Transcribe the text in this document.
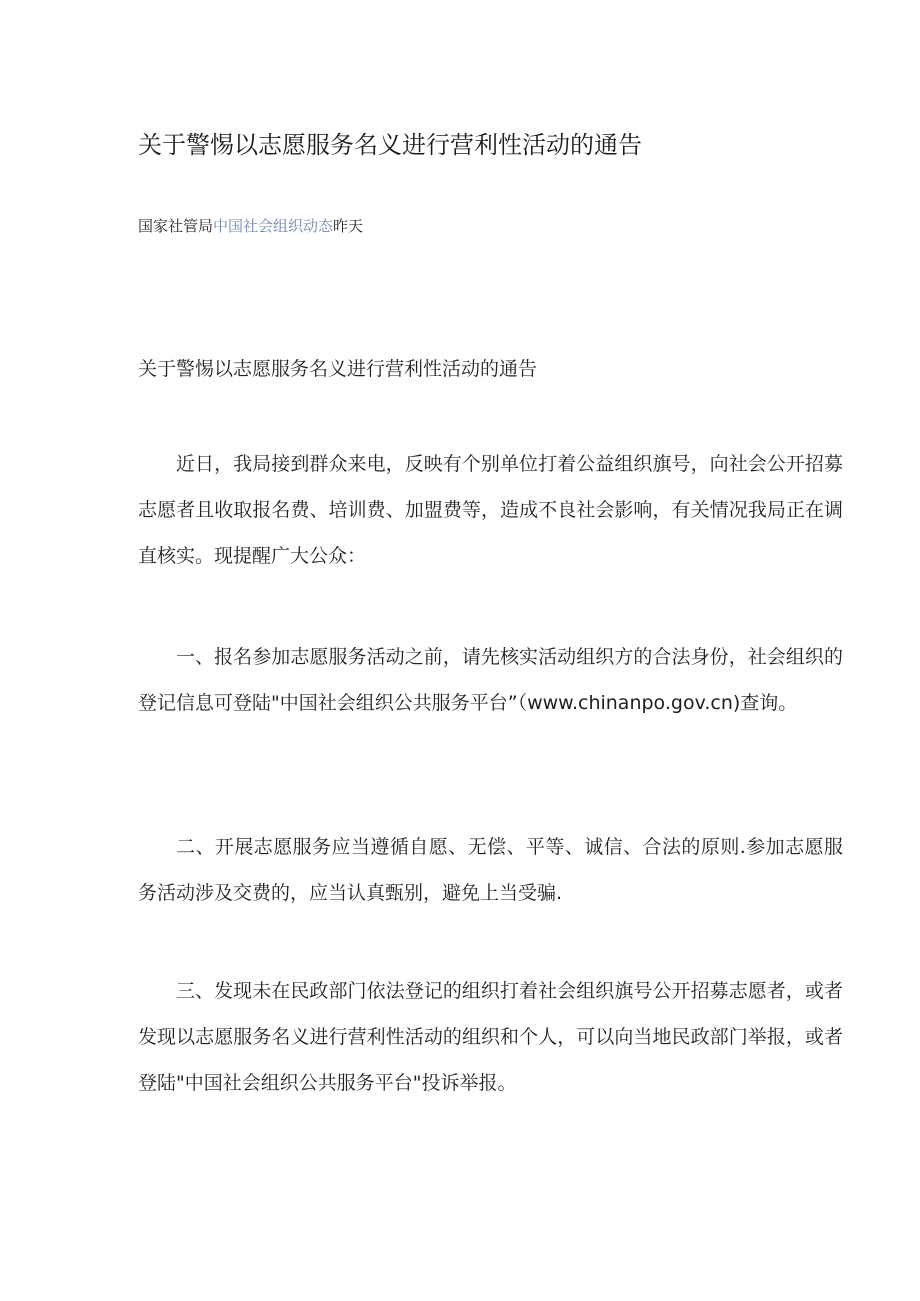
关于警惕以志愿服务名义进行营利性活动的通告
国家社管局中国社会组织动态昨天
关于警惕以志愿服务名义进行营利性活动的通告

近日，我局接到群众来电，反映有个别单位打着公益组织旗号，向社会公开招募志愿者且收取报名费、培训费、加盟费等，造成不良社会影响，有关情况我局正在调直核实。现提醒广大公众：

一、报名参加志愿服务活动之前，请先核实活动组织方的合法身份，社会组织的登记信息可登陆"中国社会组织公共服务平台”（www.chinanpo.gov.cn)查询。

二、开展志愿服务应当遵循自愿、无偿、平等、诚信、合法的原则.参加志愿服务活动涉及交费的，应当认真甄别，避免上当受骗.

三、发现未在民政部门依法登记的组织打着社会组织旗号公开招募志愿者，或者发现以志愿服务名义进行营利性活动的组织和个人，可以向当地民政部门举报，或者登陆"中国社会组织公共服务平台"投诉举报。
